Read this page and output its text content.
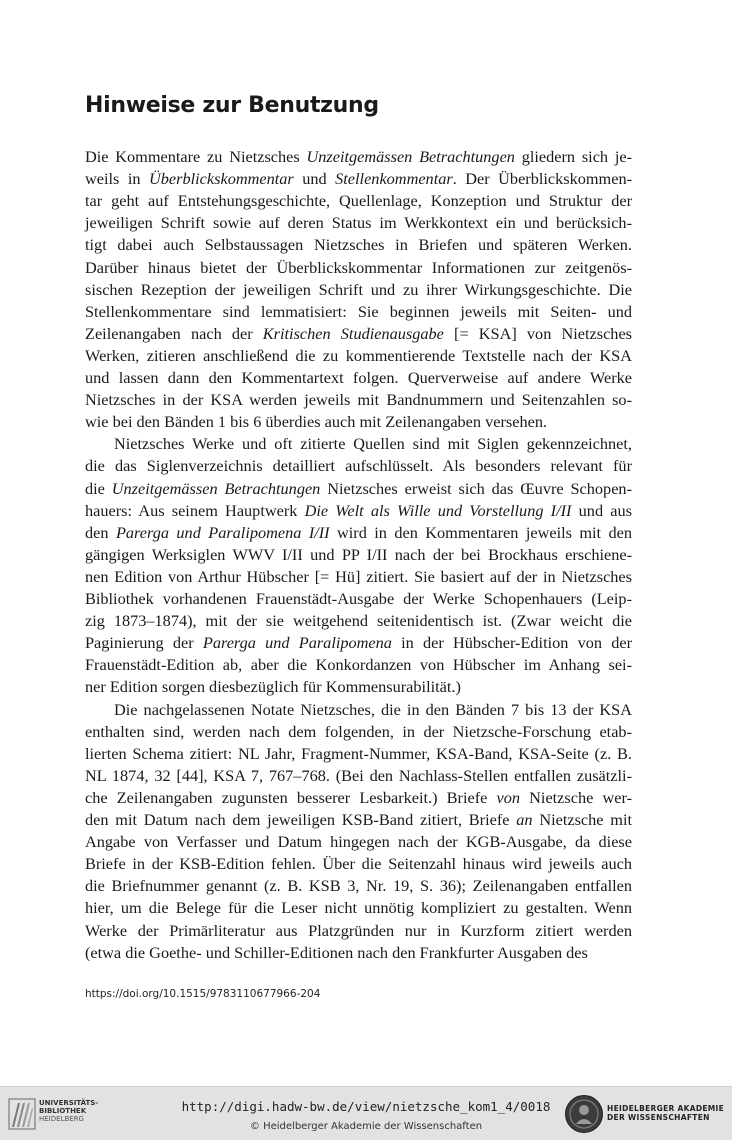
Hinweise zur Benutzung
Die Kommentare zu Nietzsches Unzeitgemässen Betrachtungen gliedern sich je-
weils in Überblickskommentar und Stellenkommentar. Der Überblickskommen-
tar geht auf Entstehungsgeschichte, Quellenlage, Konzeption und Struktur der
jeweiligen Schrift sowie auf deren Status im Werkkontext ein und berücksich-
tigt dabei auch Selbstaussagen Nietzsches in Briefen und späteren Werken.
Darüber hinaus bietet der Überblickskommentar Informationen zur zeitgenös-
sischen Rezeption der jeweiligen Schrift und zu ihrer Wirkungsgeschichte. Die
Stellenkommentare sind lemmatisiert: Sie beginnen jeweils mit Seiten- und
Zeilenangaben nach der Kritischen Studienausgabe [= KSA] von Nietzsches
Werken, zitieren anschließend die zu kommentierende Textstelle nach der KSA
und lassen dann den Kommentartext folgen. Querverweise auf andere Werke
Nietzsches in der KSA werden jeweils mit Bandnummern und Seitenzahlen so-
wie bei den Bänden 1 bis 6 überdies auch mit Zeilenangaben versehen.
Nietzsches Werke und oft zitierte Quellen sind mit Siglen gekennzeichnet,
die das Siglenverzeichnis detailliert aufschlüsselt. Als besonders relevant für
die Unzeitgemässen Betrachtungen Nietzsches erweist sich das Œuvre Schopen-
hauers: Aus seinem Hauptwerk Die Welt als Wille und Vorstellung I/II und aus
den Parerga und Paralipomena I/II wird in den Kommentaren jeweils mit den
gängigen Werksiglen WWV I/II und PP I/II nach der bei Brockhaus erschiene-
nen Edition von Arthur Hübscher [= Hü] zitiert. Sie basiert auf der in Nietzsches
Bibliothek vorhandenen Frauenstädt-Ausgabe der Werke Schopenhauers (Leip-
zig 1873–1874), mit der sie weitgehend seitenidentisch ist. (Zwar weicht die
Paginierung der Parerga und Paralipomena in der Hübscher-Edition von der
Frauenstädt-Edition ab, aber die Konkordanzen von Hübscher im Anhang sei-
ner Edition sorgen diesbezüglich für Kommensurabilität.)
Die nachgelassenen Notate Nietzsches, die in den Bänden 7 bis 13 der KSA
enthalten sind, werden nach dem folgenden, in der Nietzsche-Forschung etab-
lierten Schema zitiert: NL Jahr, Fragment-Nummer, KSA-Band, KSA-Seite (z. B.
NL 1874, 32 [44], KSA 7, 767–768. (Bei den Nachlass-Stellen entfallen zusätzli-
che Zeilenangaben zugunsten besserer Lesbarkeit.) Briefe von Nietzsche wer-
den mit Datum nach dem jeweiligen KSB-Band zitiert, Briefe an Nietzsche mit
Angabe von Verfasser und Datum hingegen nach der KGB-Ausgabe, da diese
Briefe in der KSB-Edition fehlen. Über die Seitenzahl hinaus wird jeweils auch
die Briefnummer genannt (z. B. KSB 3, Nr. 19, S. 36); Zeilenangaben entfallen
hier, um die Belege für die Leser nicht unnötig kompliziert zu gestalten. Wenn
Werke der Primärliteratur aus Platzgründen nur in Kurzform zitiert werden
(etwa die Goethe- und Schiller-Editionen nach den Frankfurter Ausgaben des
https://doi.org/10.1515/9783110677966-204
UNIVERSITÄTS-
BIBLIOTHEK
HEIDELBERG
http://digi.hadw-bw.de/view/nietzsche_kom1_4/0018
© Heidelberger Akademie der Wissenschaften
HEIDELBERGER AKADEMIE
DER WISSENSCHAFTEN
